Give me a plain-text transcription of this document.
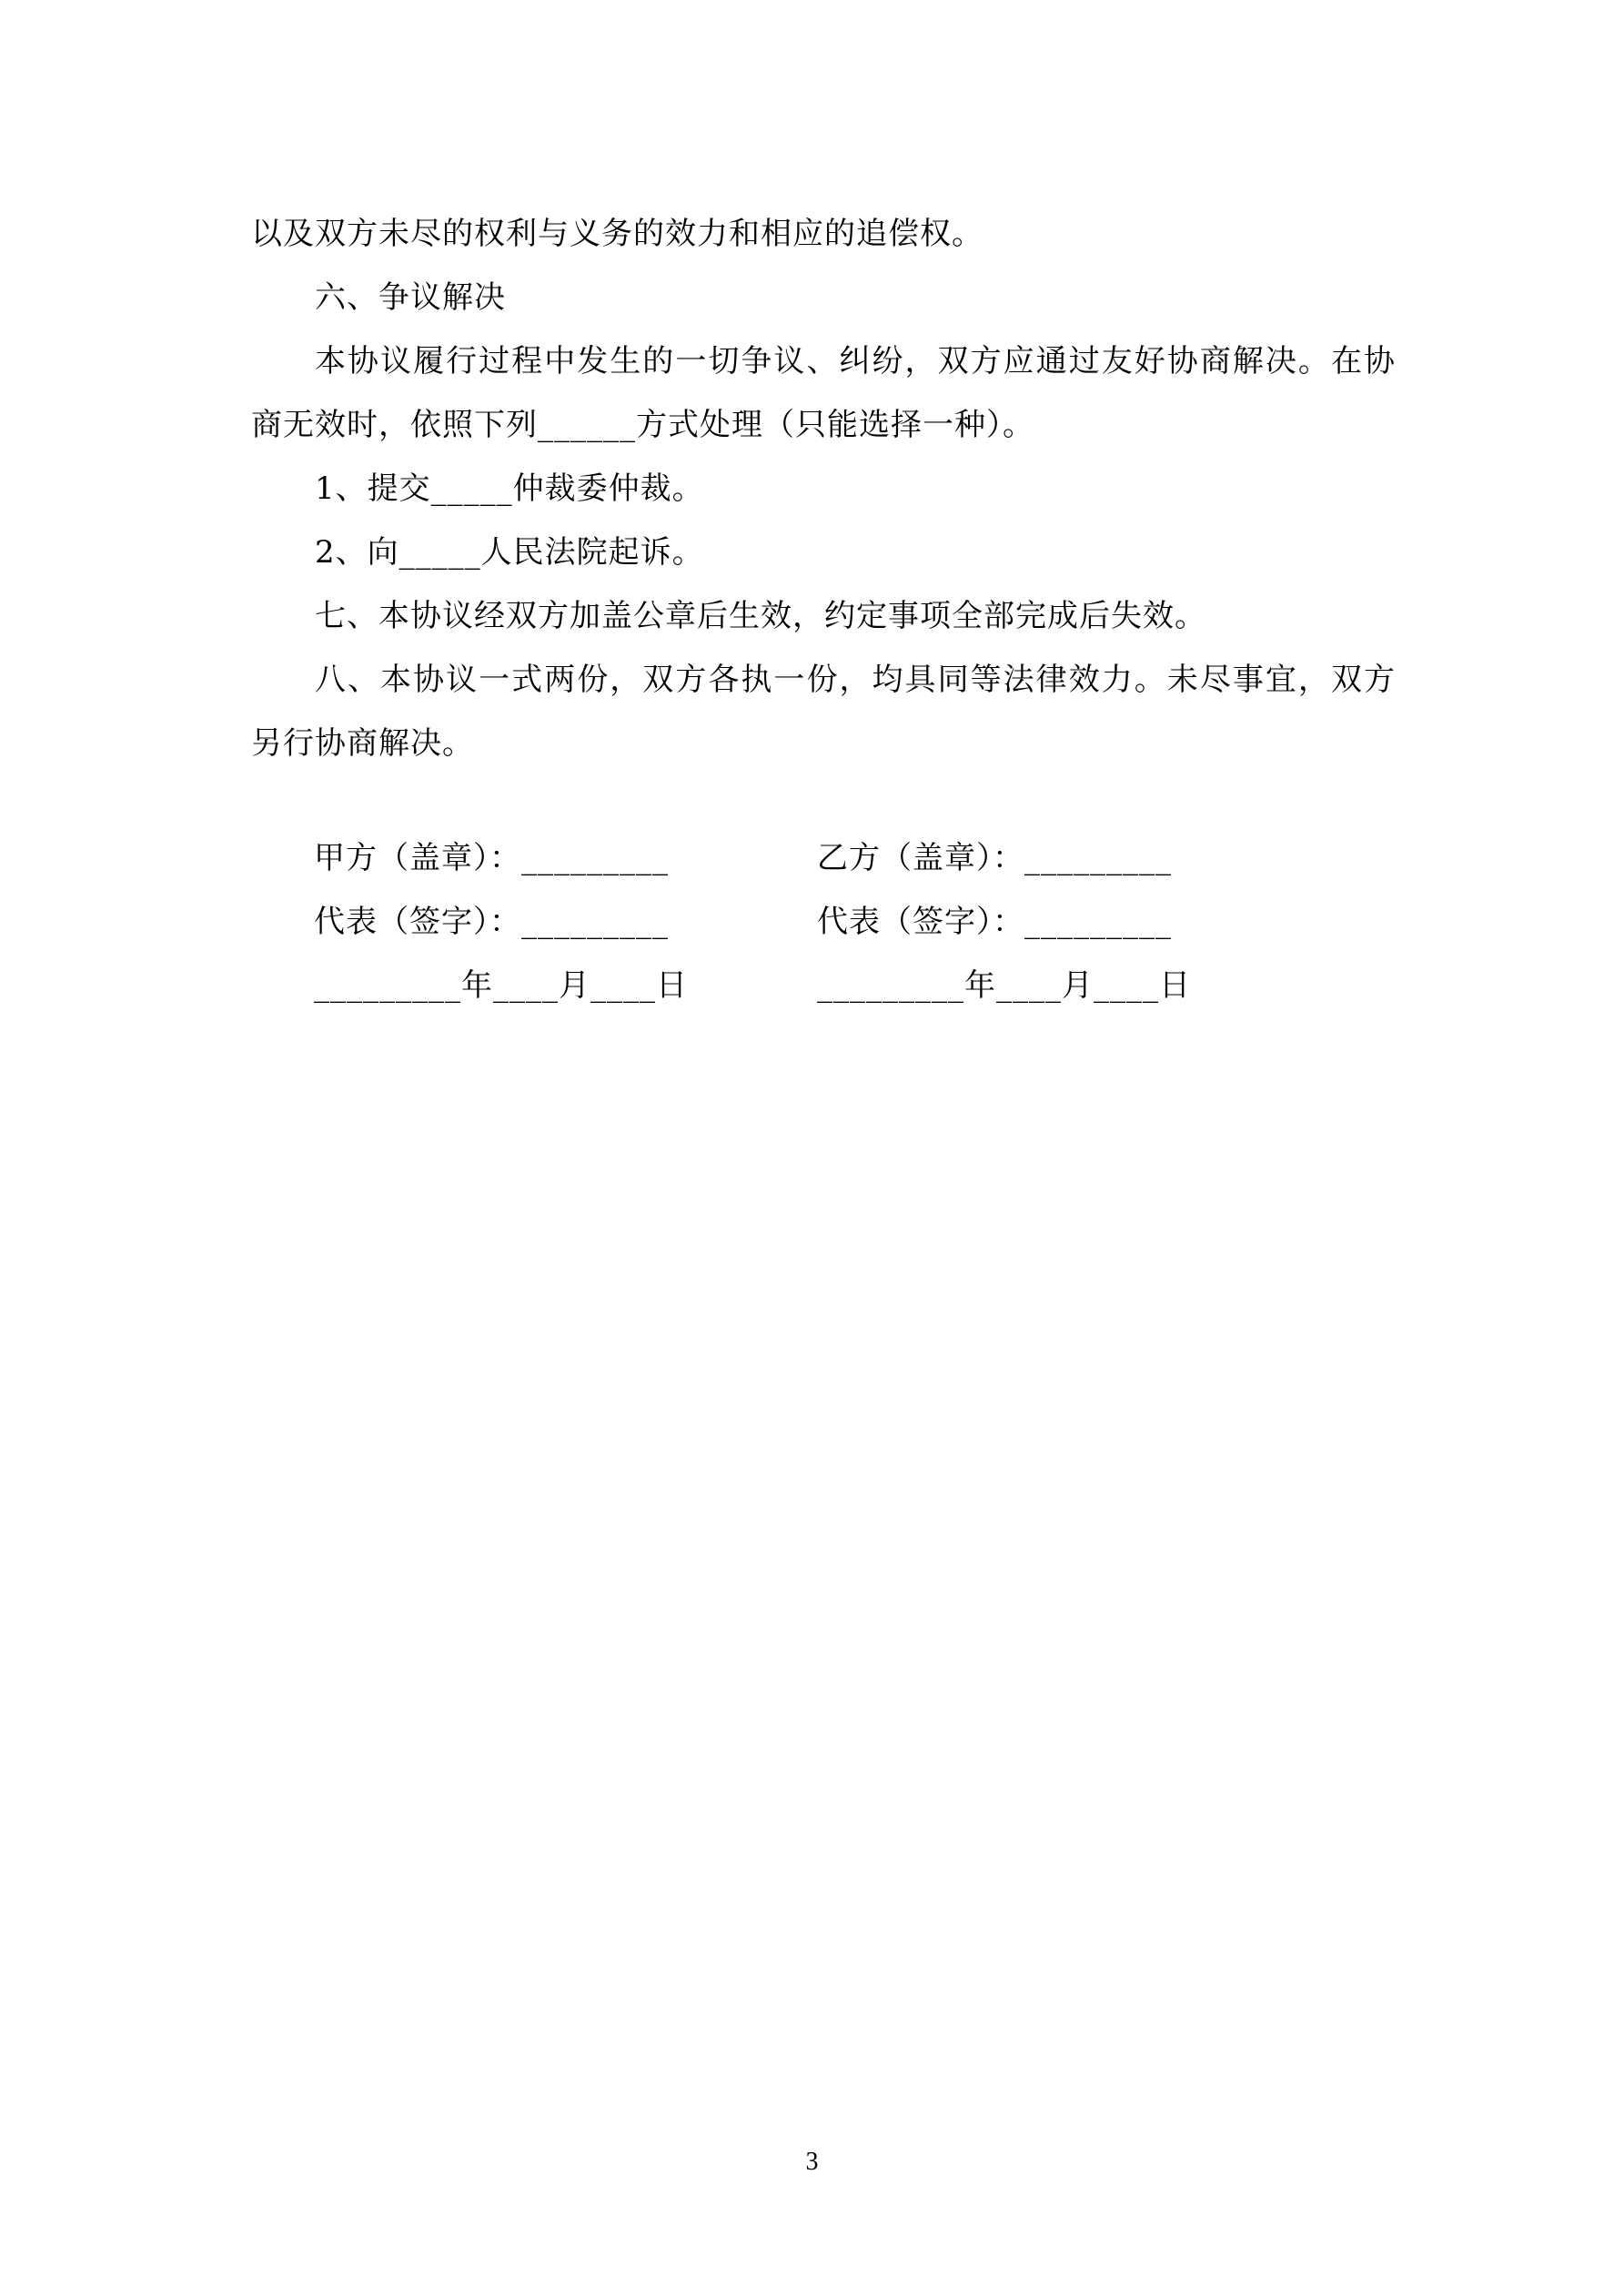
以及双方未尽的权利与义务的效力和相应的追偿权。

六、争议解决

本协议履行过程中发生的一切争议、纠纷，双方应通过友好协商解决。在协商无效时，依照下列______方式处理（只能选择一种）。

1、提交_____仲裁委仲裁。

2、向_____人民法院起诉。

七、本协议经双方加盖公章后生效，约定事项全部完成后失效。

八、本协议一式两份，双方各执一份，均具同等法律效力。未尽事宜，双方另行协商解决。

甲方（盖章）：_________	乙方（盖章）：_________
代表（签字）：_________	代表（签字）：_________
_________年____月____日	_________年____月____日
3
